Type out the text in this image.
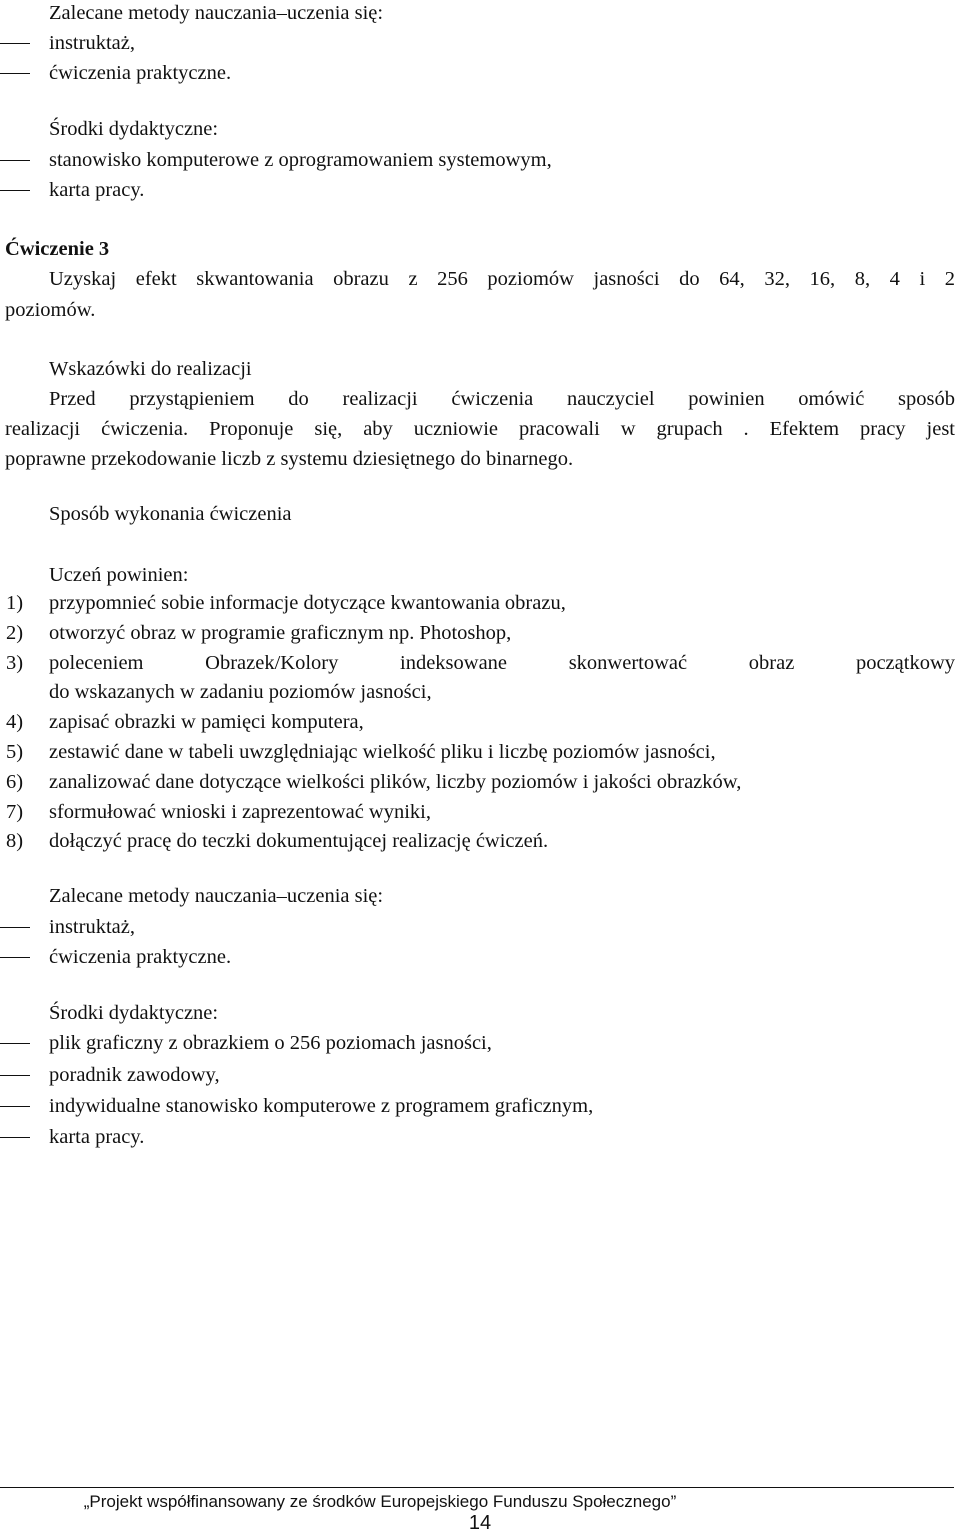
Zalecane metody nauczania–uczenia się:
instruktaż,
ćwiczenia praktyczne.
Środki dydaktyczne:
stanowisko komputerowe z oprogramowaniem systemowym,
karta pracy.
Ćwiczenie 3
Uzyskaj efekt skwantowania obrazu z 256 poziomów jasności do 64, 32, 16, 8, 4 i 2
poziomów.
Wskazówki do realizacji
Przed przystąpieniem do realizacji ćwiczenia nauczyciel powinien omówić sposób
realizacji ćwiczenia. Proponuje się, aby uczniowie pracowali w grupach . Efektem pracy jest
poprawne przekodowanie liczb z systemu dziesiętnego do binarnego.
Sposób wykonania ćwiczenia
Uczeń powinien:
1) przypomnieć sobie informacje dotyczące kwantowania obrazu,
2) otworzyć obraz w programie graficznym np. Photoshop,
3) poleceniem Obrazek/Kolory indeksowane skonwertować obraz początkowy
do wskazanych w zadaniu poziomów jasności,
4) zapisać obrazki w pamięci komputera,
5) zestawić dane w tabeli uwzględniając wielkość pliku i liczbę poziomów jasności,
6) zanalizować dane dotyczące wielkości plików, liczby poziomów i jakości obrazków,
7) sformułować wnioski i zaprezentować wyniki,
8) dołączyć pracę do teczki dokumentującej realizację ćwiczeń.
Zalecane metody nauczania–uczenia się:
instruktaż,
ćwiczenia praktyczne.
Środki dydaktyczne:
plik graficzny z obrazkiem o 256 poziomach jasności,
poradnik zawodowy,
indywidualne stanowisko komputerowe z programem graficznym,
karta pracy.
„Projekt współfinansowany ze środków Europejskiego Funduszu Społecznego”
14
